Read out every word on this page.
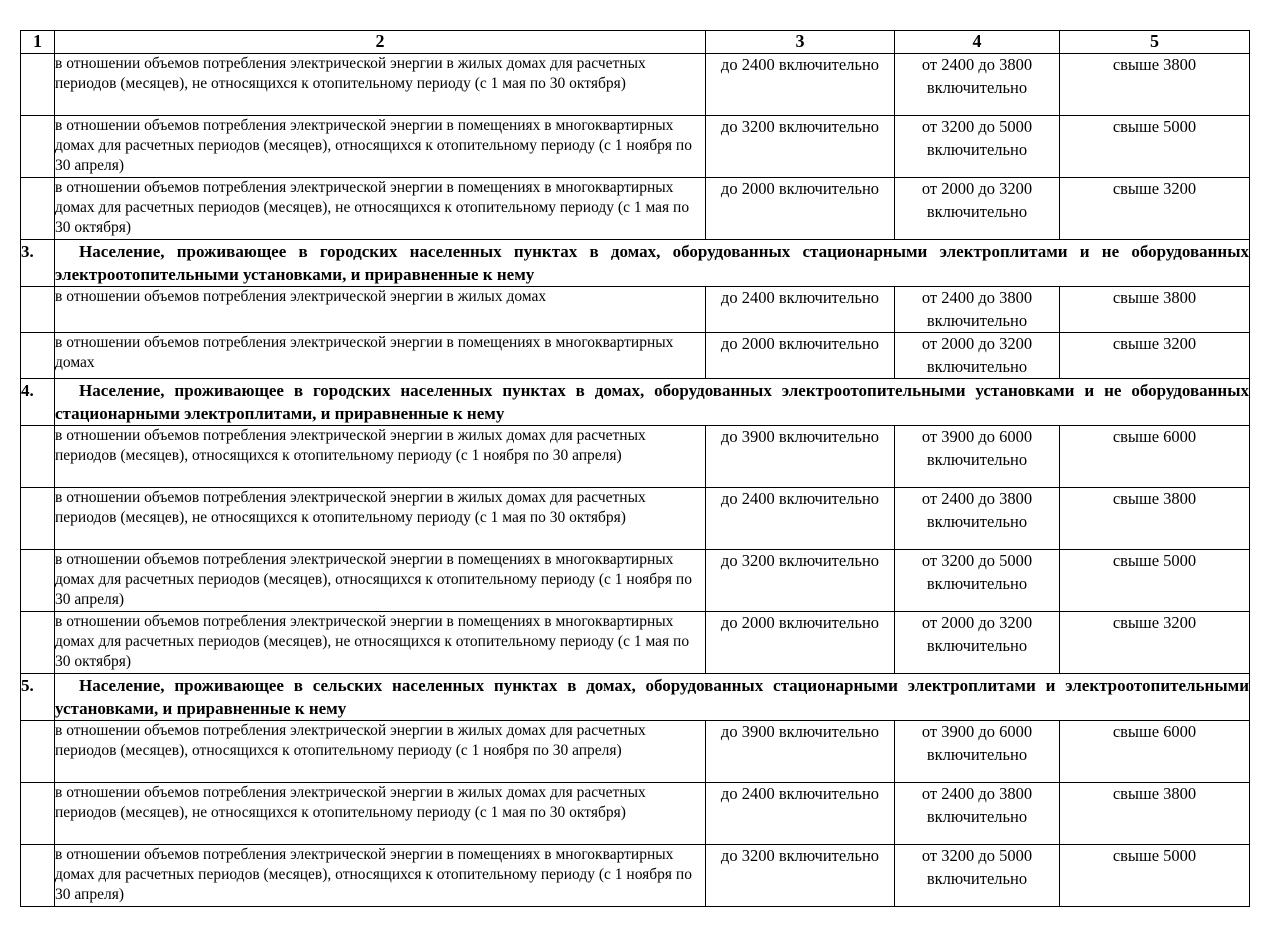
1	2	3	4	5
	в отношении объемов потребления электрической энергии в жилых домах для расчетных периодов (месяцев), не относящихся к отопительному периоду (с 1 мая по 30 октября)	до 2400 включительно	от 2400 до 3800 включительно	свыше 3800
	в отношении объемов потребления электрической энергии в помещениях в многоквартирных домах для расчетных периодов (месяцев), относящихся к отопительному периоду (с 1 ноября по 30 апреля)	до 3200 включительно	от 3200 до 5000 включительно	свыше 5000
	в отношении объемов потребления электрической энергии в помещениях в многоквартирных домах для расчетных периодов (месяцев), не относящихся к отопительному периоду (с 1 мая по 30 октября)	до 2000 включительно	от 2000 до 3200 включительно	свыше 3200
3.	Население, проживающее в городских населенных пунктах в домах, оборудованных стационарными электроплитами и не оборудованных электроотопительными установками, и приравненные к нему			
	в отношении объемов потребления электрической энергии в жилых домах	до 2400 включительно	от 2400 до 3800 включительно	свыше 3800
	в отношении объемов потребления электрической энергии в помещениях в многоквартирных домах	до 2000 включительно	от 2000 до 3200 включительно	свыше 3200
4.	Население, проживающее в городских населенных пунктах в домах, оборудованных электроотопительными установками и не оборудованных стационарными электроплитами, и приравненные к нему			
	в отношении объемов потребления электрической энергии в жилых домах для расчетных периодов (месяцев), относящихся к отопительному периоду (с 1 ноября по 30 апреля)	до 3900 включительно	от 3900 до 6000 включительно	свыше 6000
	в отношении объемов потребления электрической энергии в жилых домах для расчетных периодов (месяцев), не относящихся к отопительному периоду (с 1 мая по 30 октября)	до 2400 включительно	от 2400 до 3800 включительно	свыше 3800
	в отношении объемов потребления электрической энергии в помещениях в многоквартирных домах для расчетных периодов (месяцев), относящихся к отопительному периоду (с 1 ноября по 30 апреля)	до 3200 включительно	от 3200 до 5000 включительно	свыше 5000
	в отношении объемов потребления электрической энергии в помещениях в многоквартирных домах для расчетных периодов (месяцев), не относящихся к отопительному периоду (с 1 мая по 30 октября)	до 2000 включительно	от 2000 до 3200 включительно	свыше 3200
5.	Население, проживающее в сельских населенных пунктах в домах, оборудованных стационарными электроплитами и электроотопительными установками, и приравненные к нему			
	в отношении объемов потребления электрической энергии в жилых домах для расчетных периодов (месяцев), относящихся к отопительному периоду (с 1 ноября по 30 апреля)	до 3900 включительно	от 3900 до 6000 включительно	свыше 6000
	в отношении объемов потребления электрической энергии в жилых домах для расчетных периодов (месяцев), не относящихся к отопительному периоду (с 1 мая по 30 октября)	до 2400 включительно	от 2400 до 3800 включительно	свыше 3800
	в отношении объемов потребления электрической энергии в помещениях в многоквартирных домах для расчетных периодов (месяцев), относящихся к отопительному периоду (с 1 ноября по 30 апреля)	до 3200 включительно	от 3200 до 5000 включительно	свыше 5000
